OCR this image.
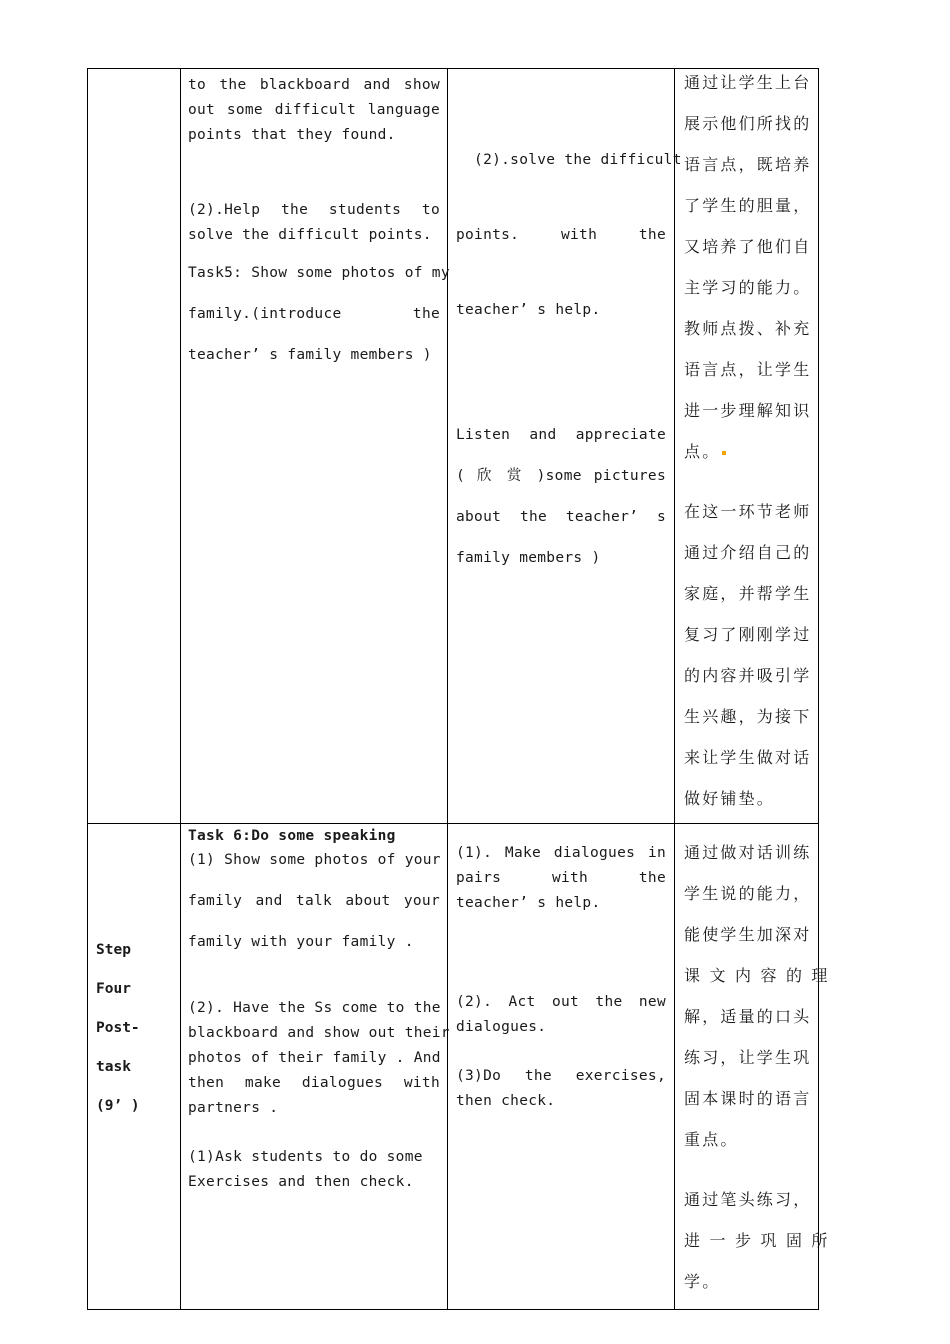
to the blackboard and show
out some difficult language
points that they found.
(2).Help the students to
solve the difficult points.
Task5: Show some photos of my
family.(introduce the
teacher’ s family members )

(2).solve the difficult

points. with the

teacher’ s help.

Listen and appreciate
( 欣 赏 )some pictures
about the teacher’ s
family members )
通过让学生上台
展示他们所找的
语言点，既培养
了学生的胆量，
又培养了他们自
主学习的能力。
教师点拨、补充
语言点，让学生
进一步理解知识
点。
在这一环节老师
通过介绍自己的
家庭，并帮学生
复习了刚刚学过
的内容并吸引学
生兴趣，为接下
来让学生做对话
做好铺垫。
Step
Four
Post-
task
(9’ )
Task 6:Do some speaking
(1) Show some photos of your
family and talk about your
family with your family .
(2). Have the Ss come to the
blackboard and show out their
photos of their family . And
then make dialogues with
partners .
(1)Ask students to do some
Exercises and then check.
(1). Make dialogues in
pairs with the
teacher’ s help.
(2). Act out the new
dialogues.
(3)Do the exercises,
then check.
通过做对话训练
学生说的能力，
能使学生加深对
课 文 内 容 的 理
解，适量的口头
练习，让学生巩
固本课时的语言
重点。
通过笔头练习，
进 一 步 巩 固 所
学。
